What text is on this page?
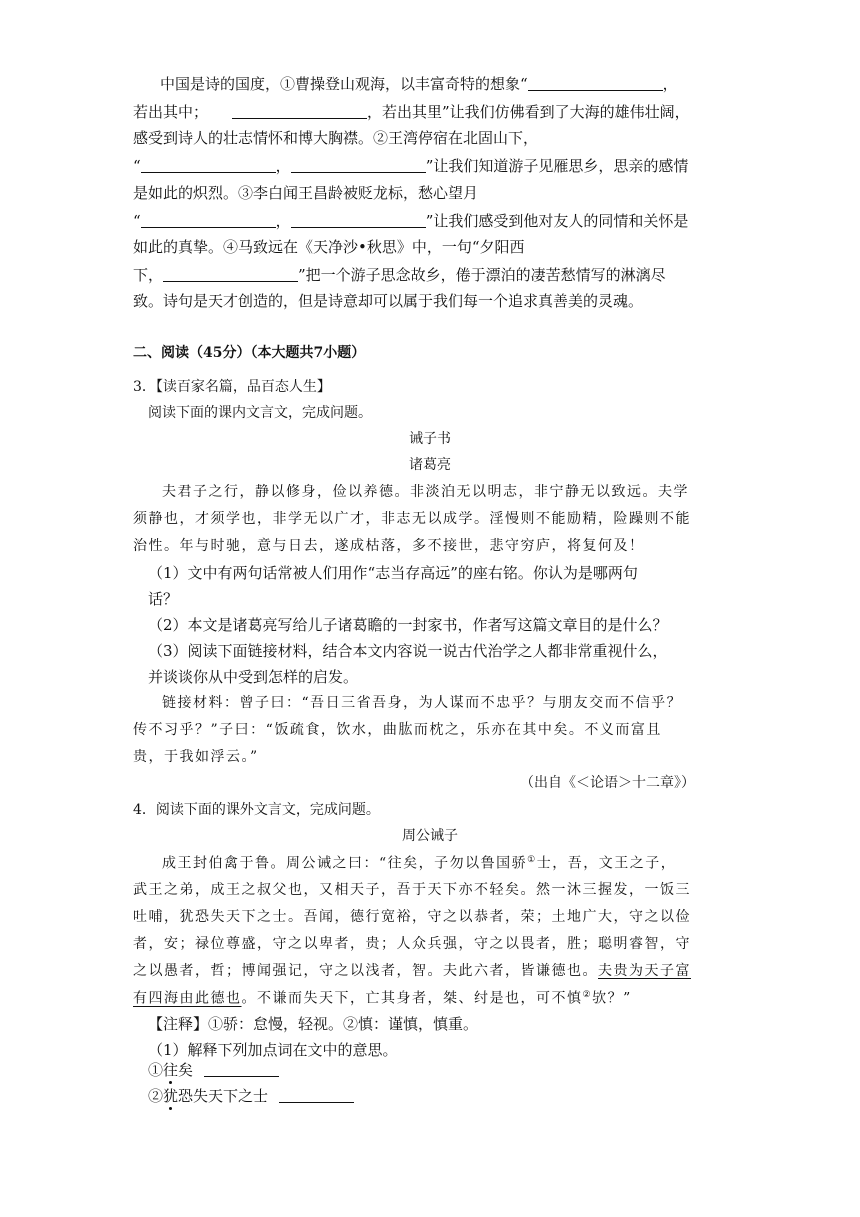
中国是诗的国度，①曹操登山观海，以丰富奇特的想象“	，
若出其中；	，若出其里”让我们仿佛看到了大海的雄伟壮阔，
感受到诗人的壮志情怀和博大胸襟。②王湾停宿在北固山下，
“	，	”让我们知道游子见雁思乡，思亲的感情
是如此的炽烈。③李白闻王昌龄被贬龙标，愁心望月
“	，	”让我们感受到他对友人的同情和关怀是
如此的真挚。④马致远在《天净沙•秋思》中，一句“夕阳西
下，	”把一个游子思念故乡，倦于漂泊的凄苦愁情写的淋漓尽
致。诗句是天才创造的，但是诗意却可以属于我们每一个追求真善美的灵魂。
二、阅读（45分）（本大题共7小题）
3．【读百家名篇，品百态人生】
阅读下面的课内文言文，完成问题。
诫子书
诸葛亮
夫君子之行，静以修身，俭以养德。非淡泊无以明志，非宁静无以致远。夫学
须静也，才须学也，非学无以广才，非志无以成学。淫慢则不能励精，险躁则不能
治性。年与时驰，意与日去，遂成枯落，多不接世，悲守穷庐，将复何及！
（1）文中有两句话常被人们用作“志当存高远”的座右铭。你认为是哪两句
话？
（2）本文是诸葛亮写给儿子诸葛瞻的一封家书，作者写这篇文章目的是什么？
（3）阅读下面链接材料，结合本文内容说一说古代治学之人都非常重视什么，
并谈谈你从中受到怎样的启发。
链接材料：曾子曰：“吾日三省吾身，为人谋而不忠乎？与朋友交而不信乎？
传不习乎？”子曰：“饭疏食，饮水，曲肱而枕之，乐亦在其中矣。不义而富且
贵，于我如浮云。”
（出自《＜论语＞十二章》）
4．阅读下面的课外文言文，完成问题。
周公诫子
成王封伯禽于鲁。周公诫之曰：“往矣，子勿以鲁国骄①士，吾，文王之子，
武王之弟，成王之叔父也，又相天子，吾于天下亦不轻矣。然一沐三握发，一饭三
吐哺，犹恐失天下之士。吾闻，德行宽裕，守之以恭者，荣；土地广大，守之以俭
者，安；禄位尊盛，守之以卑者，贵；人众兵强，守之以畏者，胜；聪明睿智，守
之以愚者，哲；博闻强记，守之以浅者，智。夫此六者，皆谦德也。夫贵为天子富
有四海由此德也。不谦而失天下，亡其身者，桀、纣是也，可不慎②欤？”
【注释】①骄：怠慢，轻视。②慎：谨慎，慎重。
（1）解释下列加点词在文中的意思。
①往矣
②犹恐失天下之士
